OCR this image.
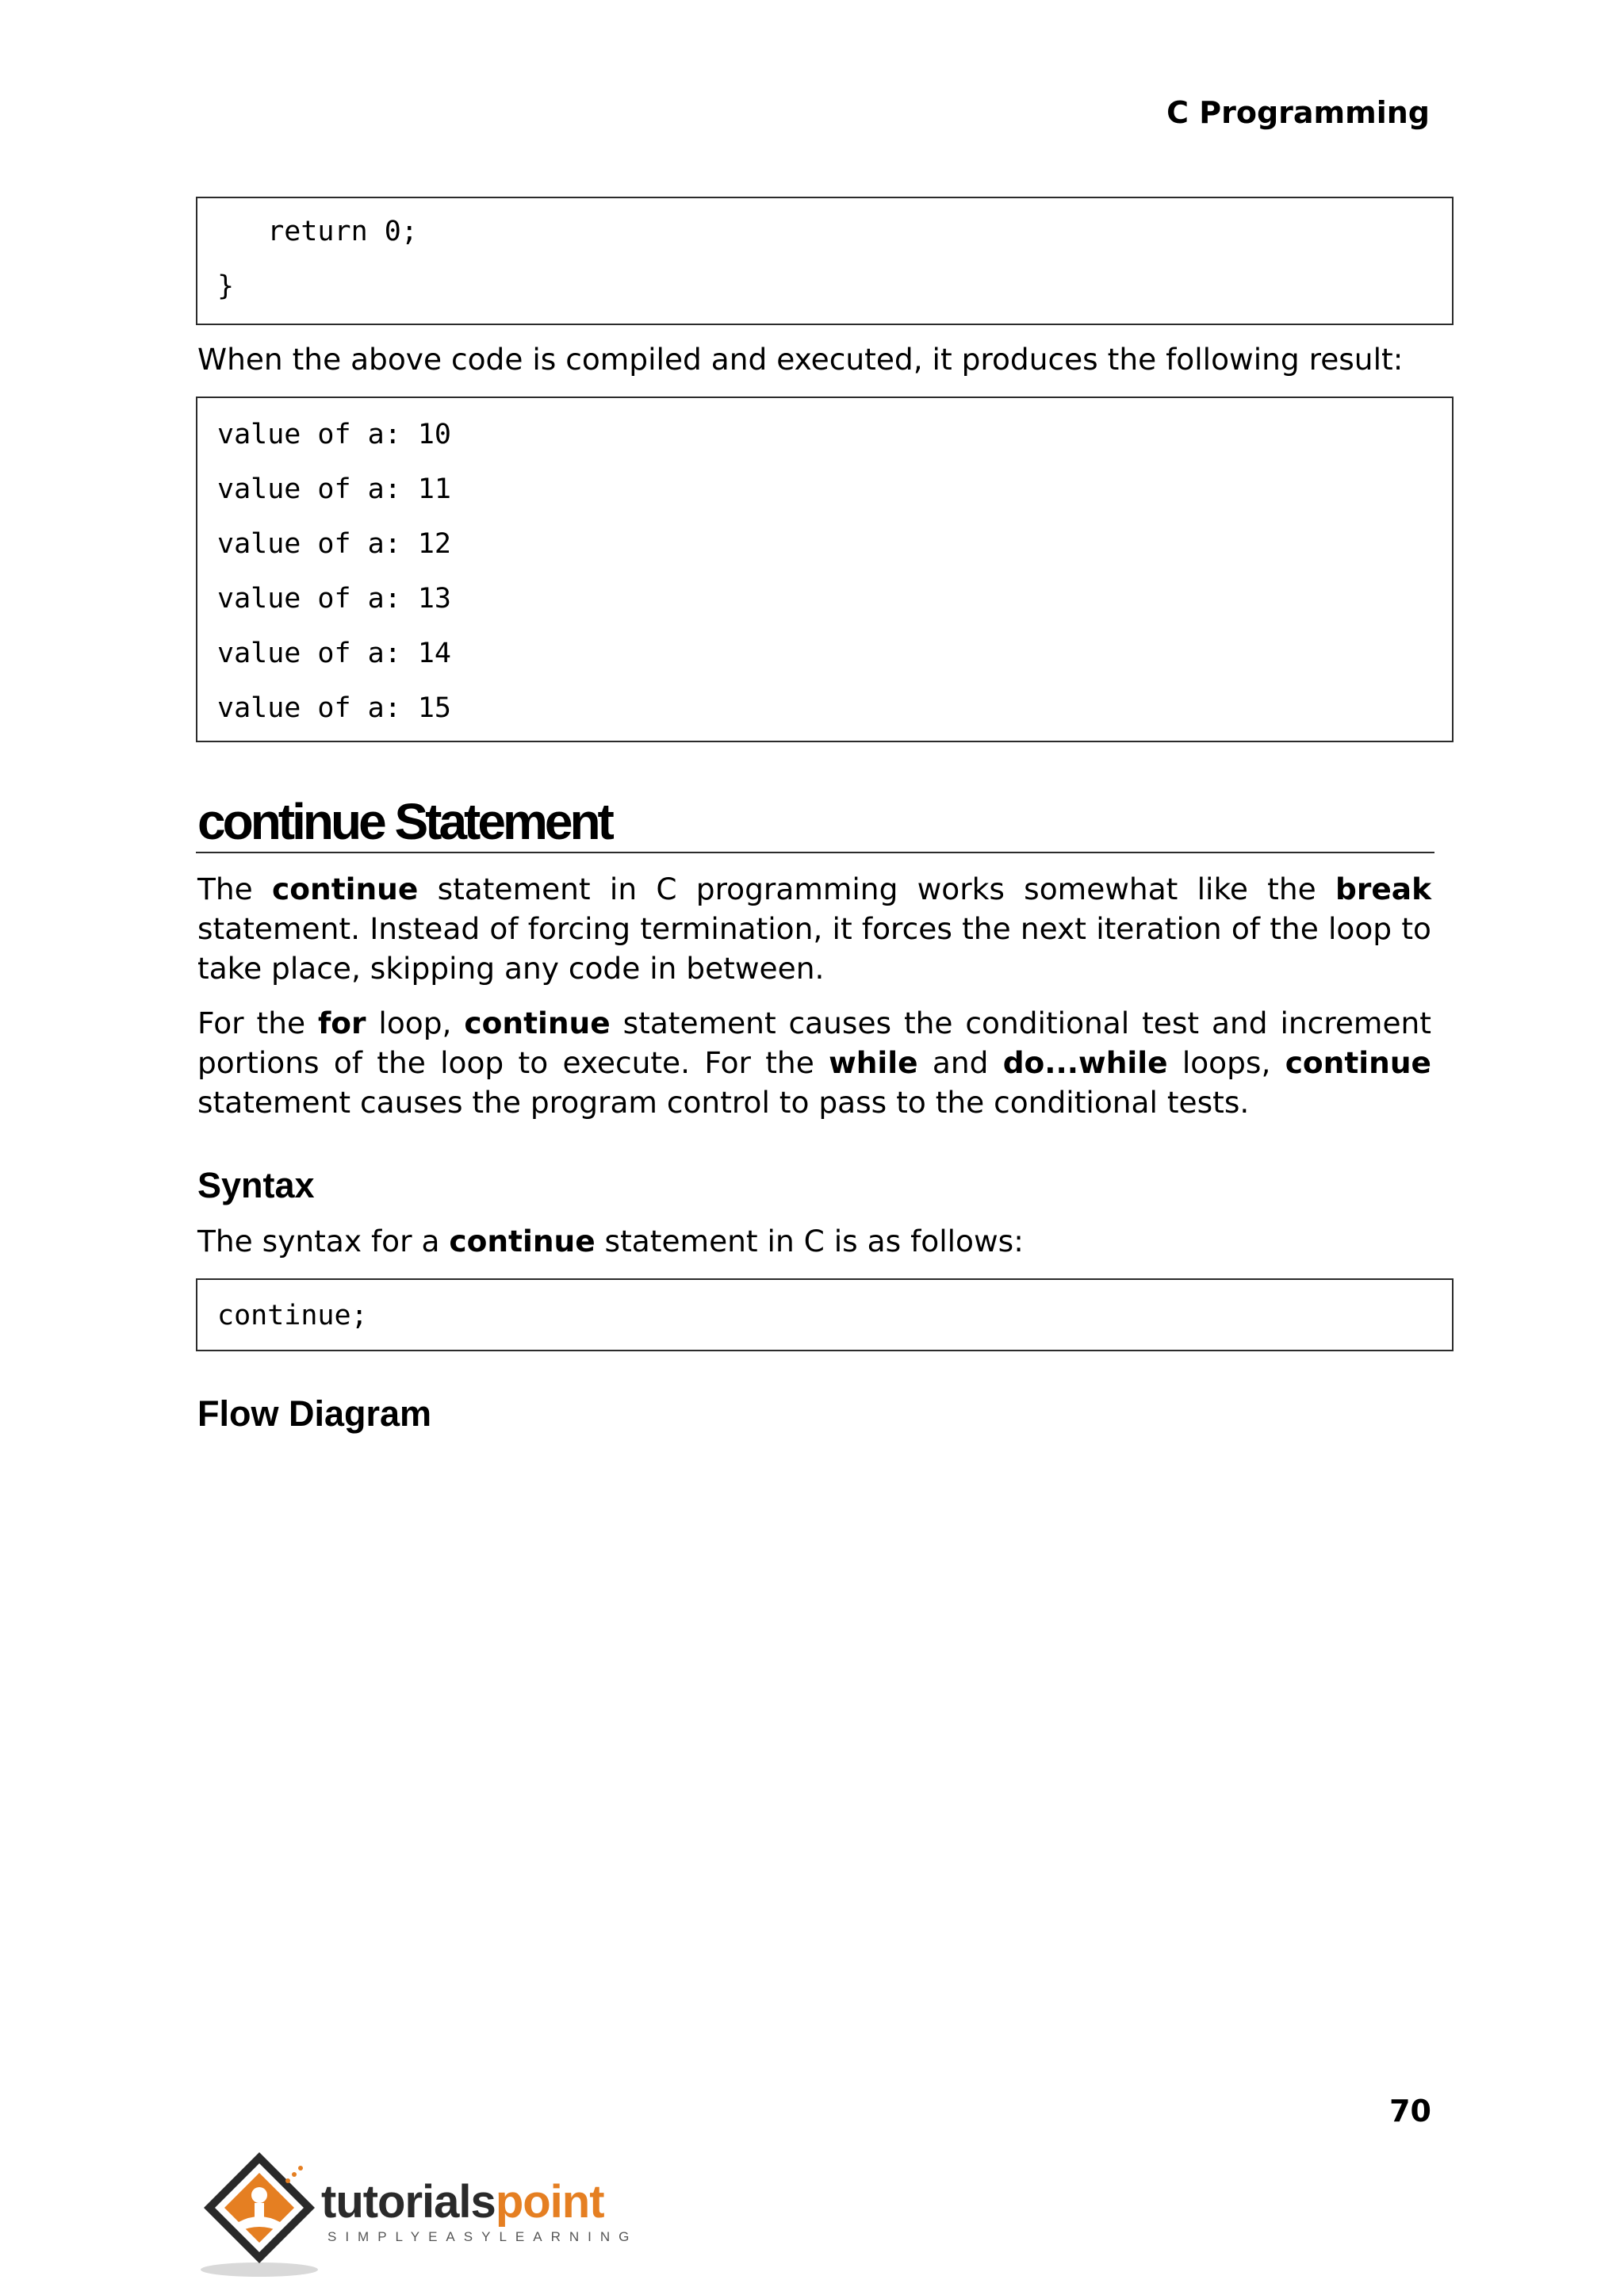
C Programming
return 0;
}

When the above code is compiled and executed, it produces the following result:

value of a: 10
value of a: 11
value of a: 12
value of a: 13
value of a: 14
value of a: 15
continue Statement

The continue statement in C programming works somewhat like the break statement. Instead of forcing termination, it forces the next iteration of the loop to take place, skipping any code in between.

For the for loop, continue statement causes the conditional test and increment portions of the loop to execute. For the while and do...while loops, continue statement causes the program control to pass to the conditional tests.

Syntax

The syntax for a continue statement in C is as follows:

continue;
Flow Diagram
70
tutorialspoint
SIMPLYEASYLEARNING
